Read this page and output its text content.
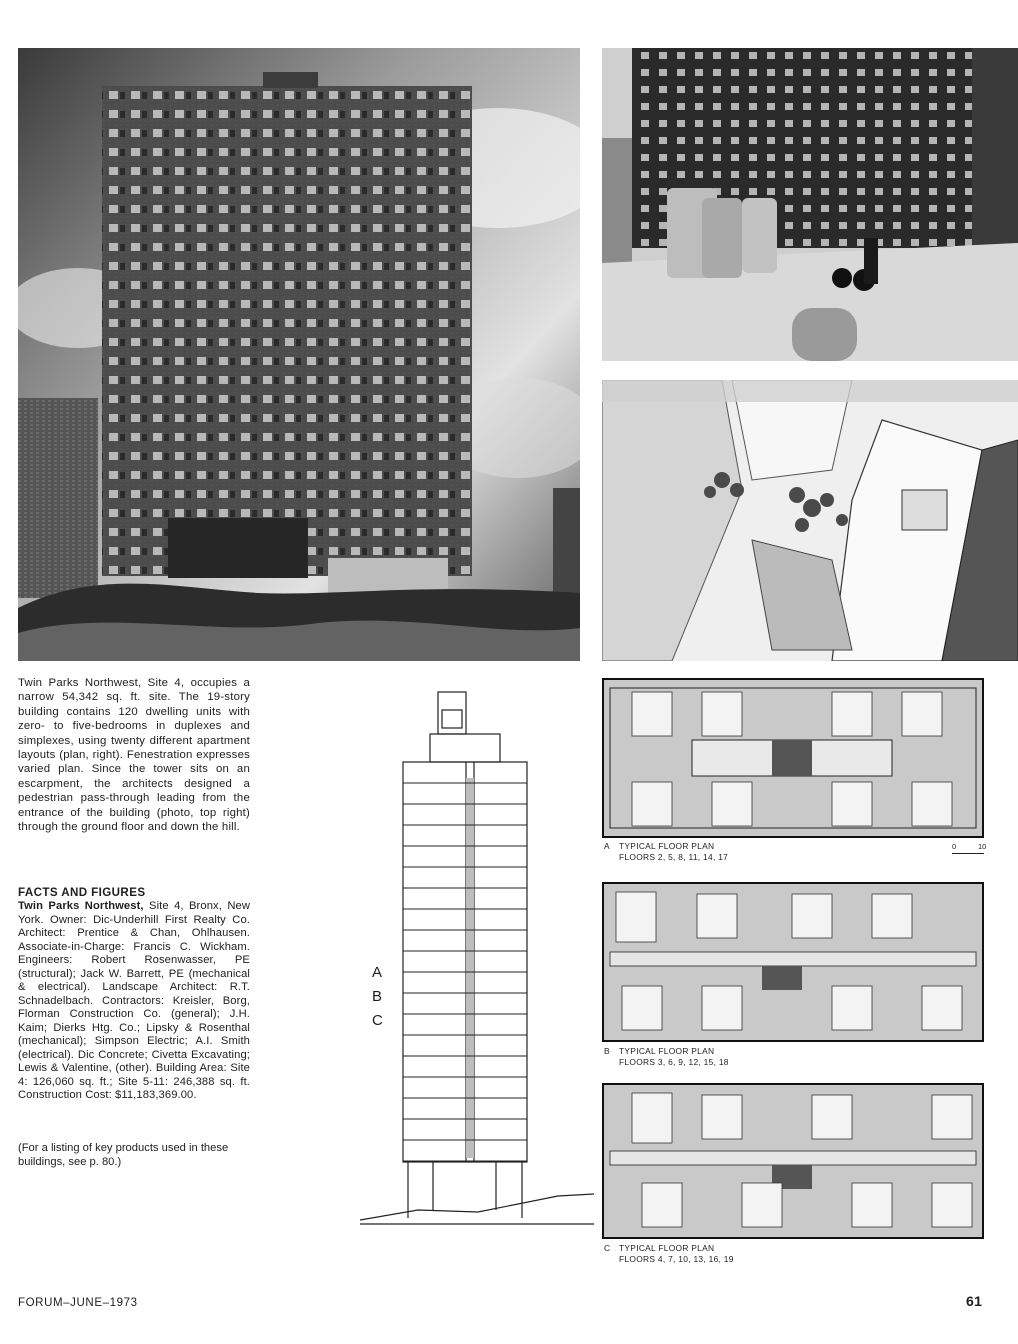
Twin Parks Northwest, Site 4, occupies a narrow 54,342 sq. ft. site. The 19-story building contains 120 dwelling units with zero- to five-bedrooms in duplexes and simplexes, using twenty different apartment layouts (plan, right). Fenestration expresses varied plan. Since the tower sits on an escarpment, the architects designed a pedestrian pass-through leading from the entrance of the building (photo, top right) through the ground floor and down the hill.
FACTS AND FIGURES
Twin Parks Northwest, Site 4, Bronx, New York. Owner: Dic-Underhill First Realty Co. Architect: Prentice & Chan, Ohlhausen. Associate-in-Charge: Francis C. Wickham. Engineers: Robert Rosenwasser, PE (structural); Jack W. Barrett, PE (mechanical & electrical). Landscape Architect: R.T. Schnadelbach. Contractors: Kreisler, Borg, Florman Construction Co. (general); J.H. Kaim; Dierks Htg. Co.; Lipsky & Rosenthal (mechanical); Simpson Electric; A.I. Smith (electrical). Dic Concrete; Civetta Excavating; Lewis & Valentine, (other). Building Area: Site 4: 126,060 sq. ft.; Site 5-11: 246,388 sq. ft. Construction Cost: $11,183,369.00.
(For a listing of key products used in these buildings, see p. 80.)
A
B
C
A TYPICAL FLOOR PLAN
FLOORS 2, 5, 8, 11, 14, 17
0	10
B TYPICAL FLOOR PLAN
FLOORS 3, 6, 9, 12, 15, 18
C TYPICAL FLOOR PLAN
FLOORS 4, 7, 10, 13, 16, 19
FORUM–JUNE–1973	61
